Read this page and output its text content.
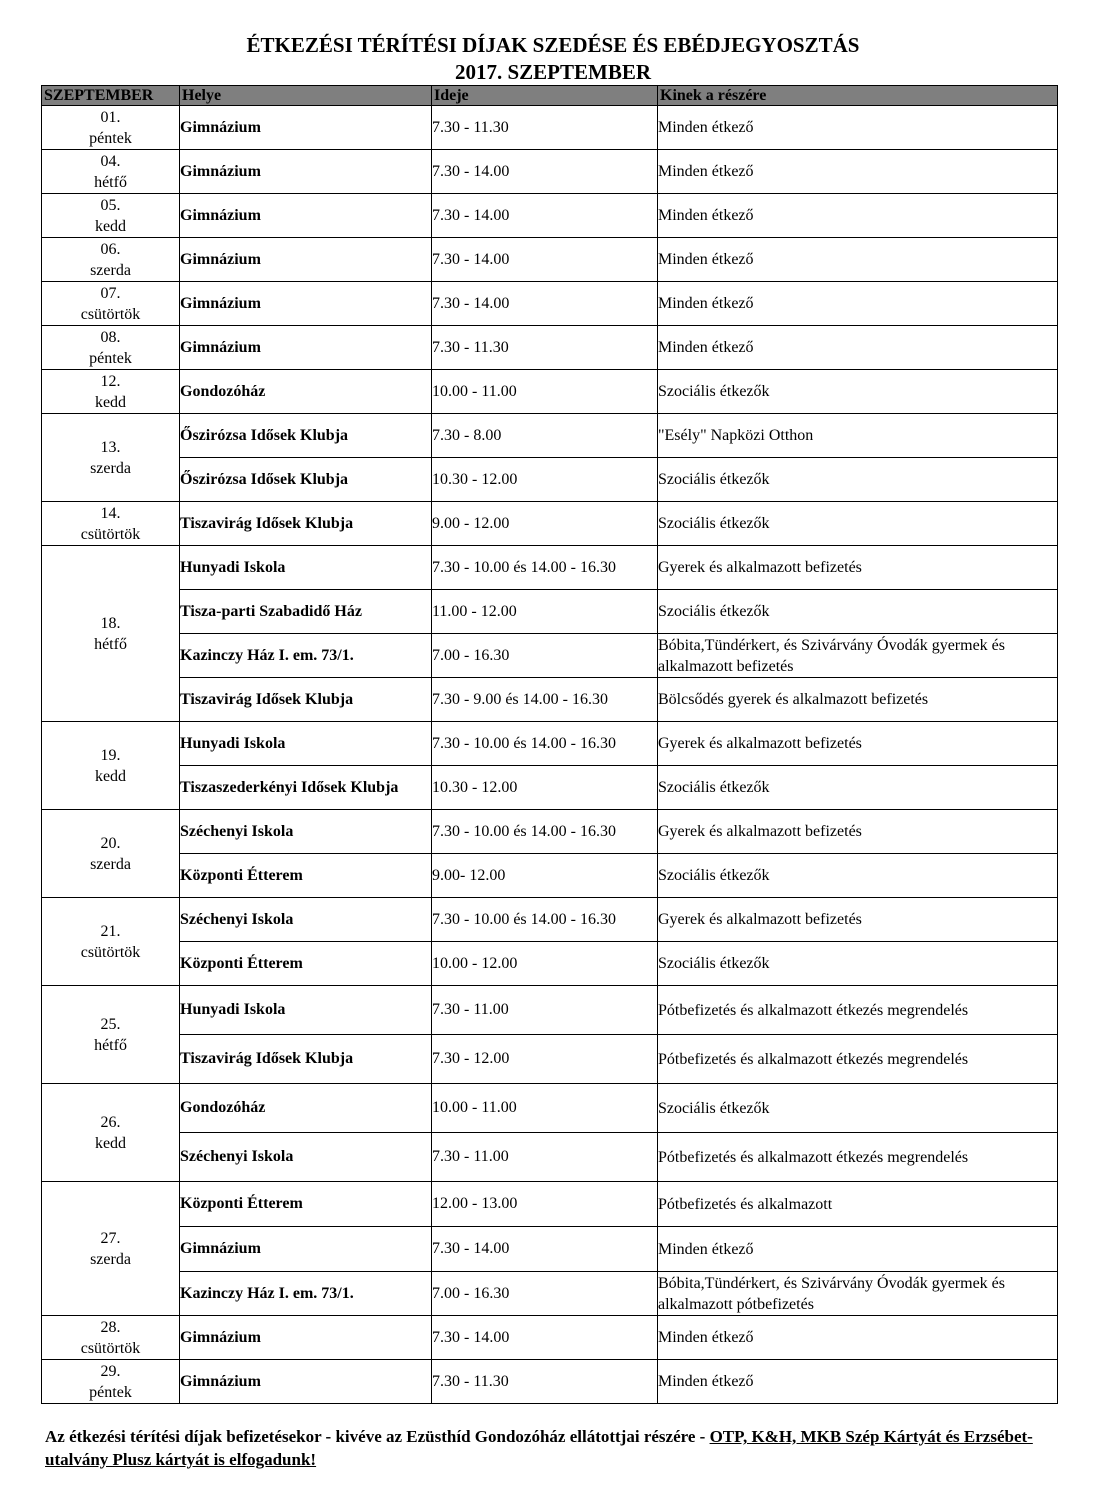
ÉTKEZÉSI TÉRÍTÉSI DÍJAK SZEDÉSE ÉS EBÉDJEGYOSZTÁS
2017. SZEPTEMBER
SZEPTEMBER	Helye	Ideje	Kinek a részére
01.
péntek	Gimnázium	7.30 - 11.30	Minden étkező
04.
hétfő	Gimnázium	7.30 - 14.00	Minden étkező
05.
kedd	Gimnázium	7.30 - 14.00	Minden étkező
06.
szerda	Gimnázium	7.30 - 14.00	Minden étkező
07.
csütörtök	Gimnázium	7.30 - 14.00	Minden étkező
08.
péntek	Gimnázium	7.30 - 11.30	Minden étkező
12.
kedd	Gondozóház	10.00 - 11.00	Szociális étkezők
13.
szerda	Őszirózsa Idősek Klubja	7.30 - 8.00	"Esély" Napközi Otthon
	Őszirózsa Idősek Klubja	10.30 - 12.00	Szociális étkezők
14.
csütörtök	Tiszavirág Idősek Klubja	9.00 - 12.00	Szociális étkezők
18.
hétfő	Hunyadi Iskola	7.30 - 10.00 és 14.00 - 16.30	Gyerek és alkalmazott befizetés
	Tisza-parti Szabadidő Ház	11.00 - 12.00	Szociális étkezők
	Kazinczy Ház I. em. 73/1.	7.00 - 16.30	Bóbita,Tündérkert, és Szivárvány Óvodák gyermek és alkalmazott befizetés
	Tiszavirág Idősek Klubja	7.30 - 9.00 és 14.00 - 16.30	Bölcsődés gyerek és alkalmazott befizetés
19.
kedd	Hunyadi Iskola	7.30 - 10.00 és 14.00 - 16.30	Gyerek és alkalmazott befizetés
	Tiszaszederkényi Idősek Klubja	10.30 - 12.00	Szociális étkezők
20.
szerda	Széchenyi Iskola	7.30 - 10.00 és 14.00 - 16.30	Gyerek és alkalmazott befizetés
	Központi Étterem	9.00- 12.00	Szociális étkezők
21.
csütörtök	Széchenyi Iskola	7.30 - 10.00 és 14.00 - 16.30	Gyerek és alkalmazott befizetés
	Központi Étterem	10.00 - 12.00	Szociális étkezők
25.
hétfő	Hunyadi Iskola	7.30 - 11.00	Pótbefizetés és alkalmazott étkezés megrendelés
	Tiszavirág Idősek Klubja	7.30 - 12.00	Pótbefizetés és alkalmazott étkezés megrendelés
26.
kedd	Gondozóház	10.00 - 11.00	Szociális étkezők
	Széchenyi Iskola	7.30 - 11.00	Pótbefizetés és alkalmazott étkezés megrendelés
27.
szerda	Központi Étterem	12.00 - 13.00	Pótbefizetés és alkalmazott
	Gimnázium	7.30 - 14.00	Minden étkező
	Kazinczy Ház I. em. 73/1.	7.00 - 16.30	Bóbita,Tündérkert, és Szivárvány Óvodák gyermek és alkalmazott pótbefizetés
28.
csütörtök	Gimnázium	7.30 - 14.00	Minden étkező
29.
péntek	Gimnázium	7.30 - 11.30	Minden étkező
Az étkezési térítési díjak befizetésekor - kivéve az Ezüsthíd Gondozóház ellátottjai részére - OTP, K&H, MKB Szép Kártyát és Erzsébet-utalvány Plusz kártyát is elfogadunk!
